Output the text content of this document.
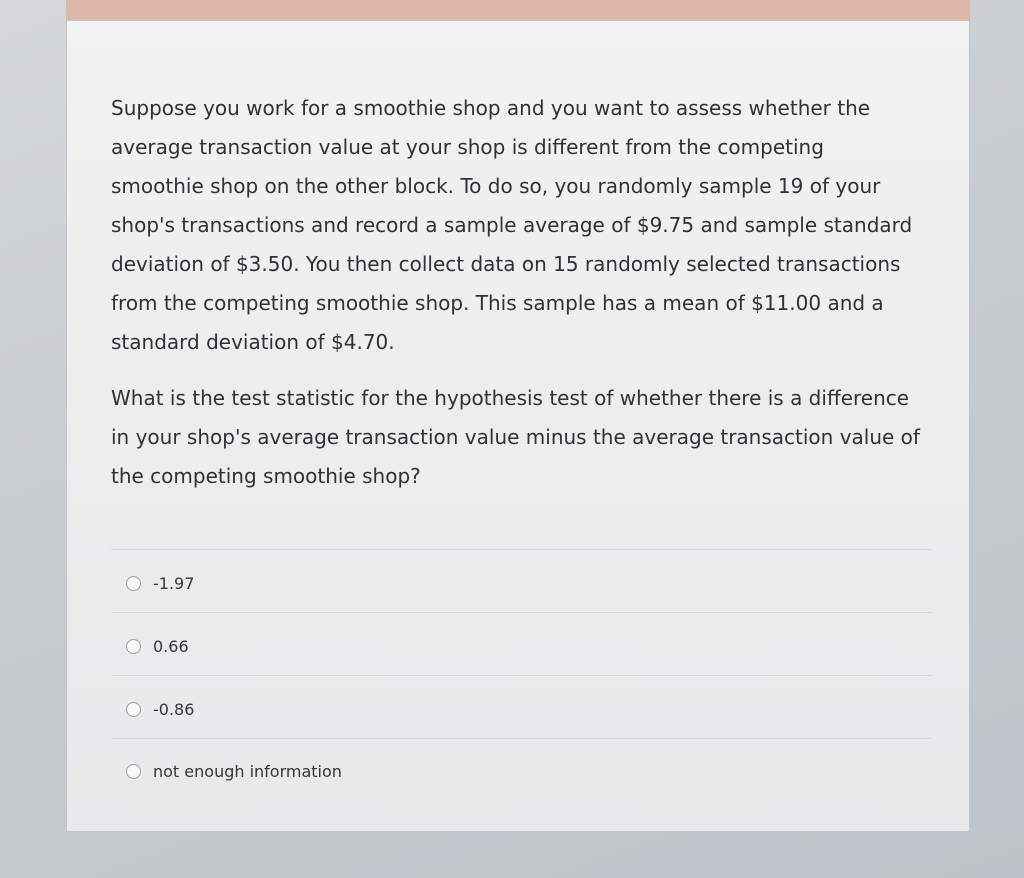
Suppose you work for a smoothie shop and you want to assess whether the
average transaction value at your shop is different from the competing
smoothie shop on the other block. To do so, you randomly sample 19 of your
shop's transactions and record a sample average of $9.75 and sample standard
deviation of $3.50. You then collect data on 15 randomly selected transactions
from the competing smoothie shop. This sample has a mean of $11.00 and a
standard deviation of $4.70.

What is the test statistic for the hypothesis test of whether there is a difference
in your shop's average transaction value minus the average transaction value of
the competing smoothie shop?

-1.97
0.66
-0.86
not enough information
